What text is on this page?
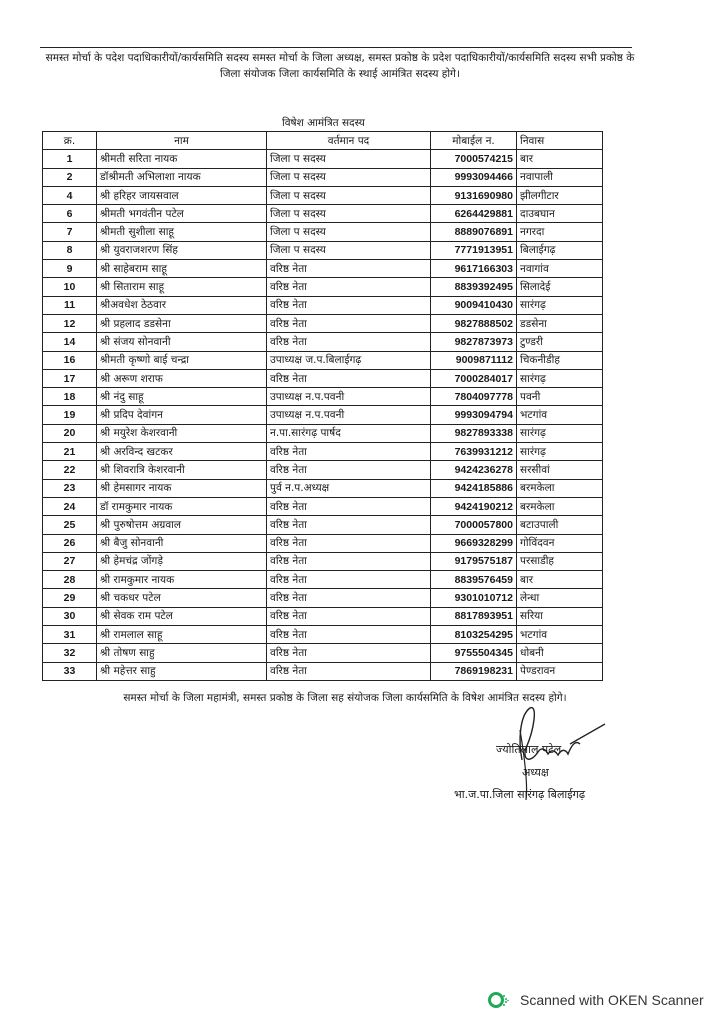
समस्त मोर्चा के पदेश पदाधिकारीयों/कार्यसमिति सदस्य समस्त मोर्चा के जिला अध्यक्ष, समस्त प्रकोष्ठ के प्रदेश पदाधिकारीयों/कार्यसमिति सदस्य सभी प्रकोष्ठ के जिला संयोजक जिला कार्यसमिति के स्थाई आमंत्रित सदस्य होगे।
विषेश आमंत्रित सदस्य
क्र.	नाम	वर्तमान पद	मोबाईल न.	निवास
1	श्रीमती सरिता नायक	जिला प सदस्य	7000574215	बार
2	डॉश्रीमती अभिलाशा नायक	जिला प सदस्य	9993094466	नवापाली
4	श्री हरिहर जायसवाल	जिला प सदस्य	9131690980	झीलगीटार
6	श्रीमती भगवंतीन पटेल	जिला प सदस्य	6264429881	दाउबघान
7	श्रीमती सुशीला साहू	जिला प सदस्य	8889076891	नगरदा
8	श्री युवराजशरण सिंह	जिला प सदस्य	7771913951	बिलाईगढ़
9	श्री साहेबराम साहू	वरिष्ठ नेता	9617166303	नवागांव
10	श्री सिताराम साहू	वरिष्ठ नेता	8839392495	सिलादेई
11	श्रीअवधेश ठेठवार	वरिष्ठ नेता	9009410430	सारंगढ़
12	श्री प्रहलाद डडसेना	वरिष्ठ नेता	9827888502	डडसेना
14	श्री संजय सोनवानी	वरिष्ठ नेता	9827873973	टुण्डरी
16	श्रीमती कृष्णो बाई चन्द्रा	उपाध्यक्ष ज.प.बिलाईगढ़	9009871112	चिकनीडीह
17	श्री अरूण शराफ	वरिष्ठ नेता	7000284017	सारंगढ़
18	श्री नंदु साहू	उपाध्यक्ष न.प.पवनी	7804097778	पवनी
19	श्री प्रदिप देवांगन	उपाध्यक्ष न.प.पवनी	9993094794	भटगांव
20	श्री मयुरेश केशरवानी	न.पा.सारंगढ़ पार्षद	9827893338	सारंगढ़
21	श्री अरविन्द खटकर	वरिष्ठ नेता	7639931212	सारंगढ़
22	श्री शिवरात्रि केशरवानी	वरिष्ठ नेता	9424236278	सरसीवां
23	श्री हेमसागर नायक	पुर्व न.प.अध्यक्ष	9424185886	बरमकेला
24	डॉ रामकुमार नायक	वरिष्ठ नेता	9424190212	बरमकेला
25	श्री पुरुषोत्तम अग्रवाल	वरिष्ठ नेता	7000057800	बटाउपाली
26	श्री बैजु सोनवानी	वरिष्ठ नेता	9669328299	गोविंदवन
27	श्री हेमचंद्र जोंगड़े	वरिष्ठ नेता	9179575187	परसाडीह
28	श्री रामकुमार नायक	वरिष्ठ नेता	8839576459	बार
29	श्री चकधर पटेल	वरिष्ठ नेता	9301010712	लेन्धा
30	श्री सेवक राम पटेल	वरिष्ठ नेता	8817893951	सरिया
31	श्री रामलाल साहू	वरिष्ठ नेता	8103254295	भटगांव
32	श्री तोषण साहु	वरिष्ठ नेता	9755504345	धोबनी
33	श्री महेत्तर साहु	वरिष्ठ नेता	7869198231	पेण्डरावन
समस्त मोर्चा के जिला महामंत्री, समस्त प्रकोष्ठ के जिला सह संयोजक जिला कार्यसमिति के विषेश आमंत्रित सदस्य होगे।
ज्योतिलाल पटेल
अध्यक्ष
भा.ज.पा.जिला सारंगढ़ बिलाईगढ़
Scanned with OKEN Scanner
